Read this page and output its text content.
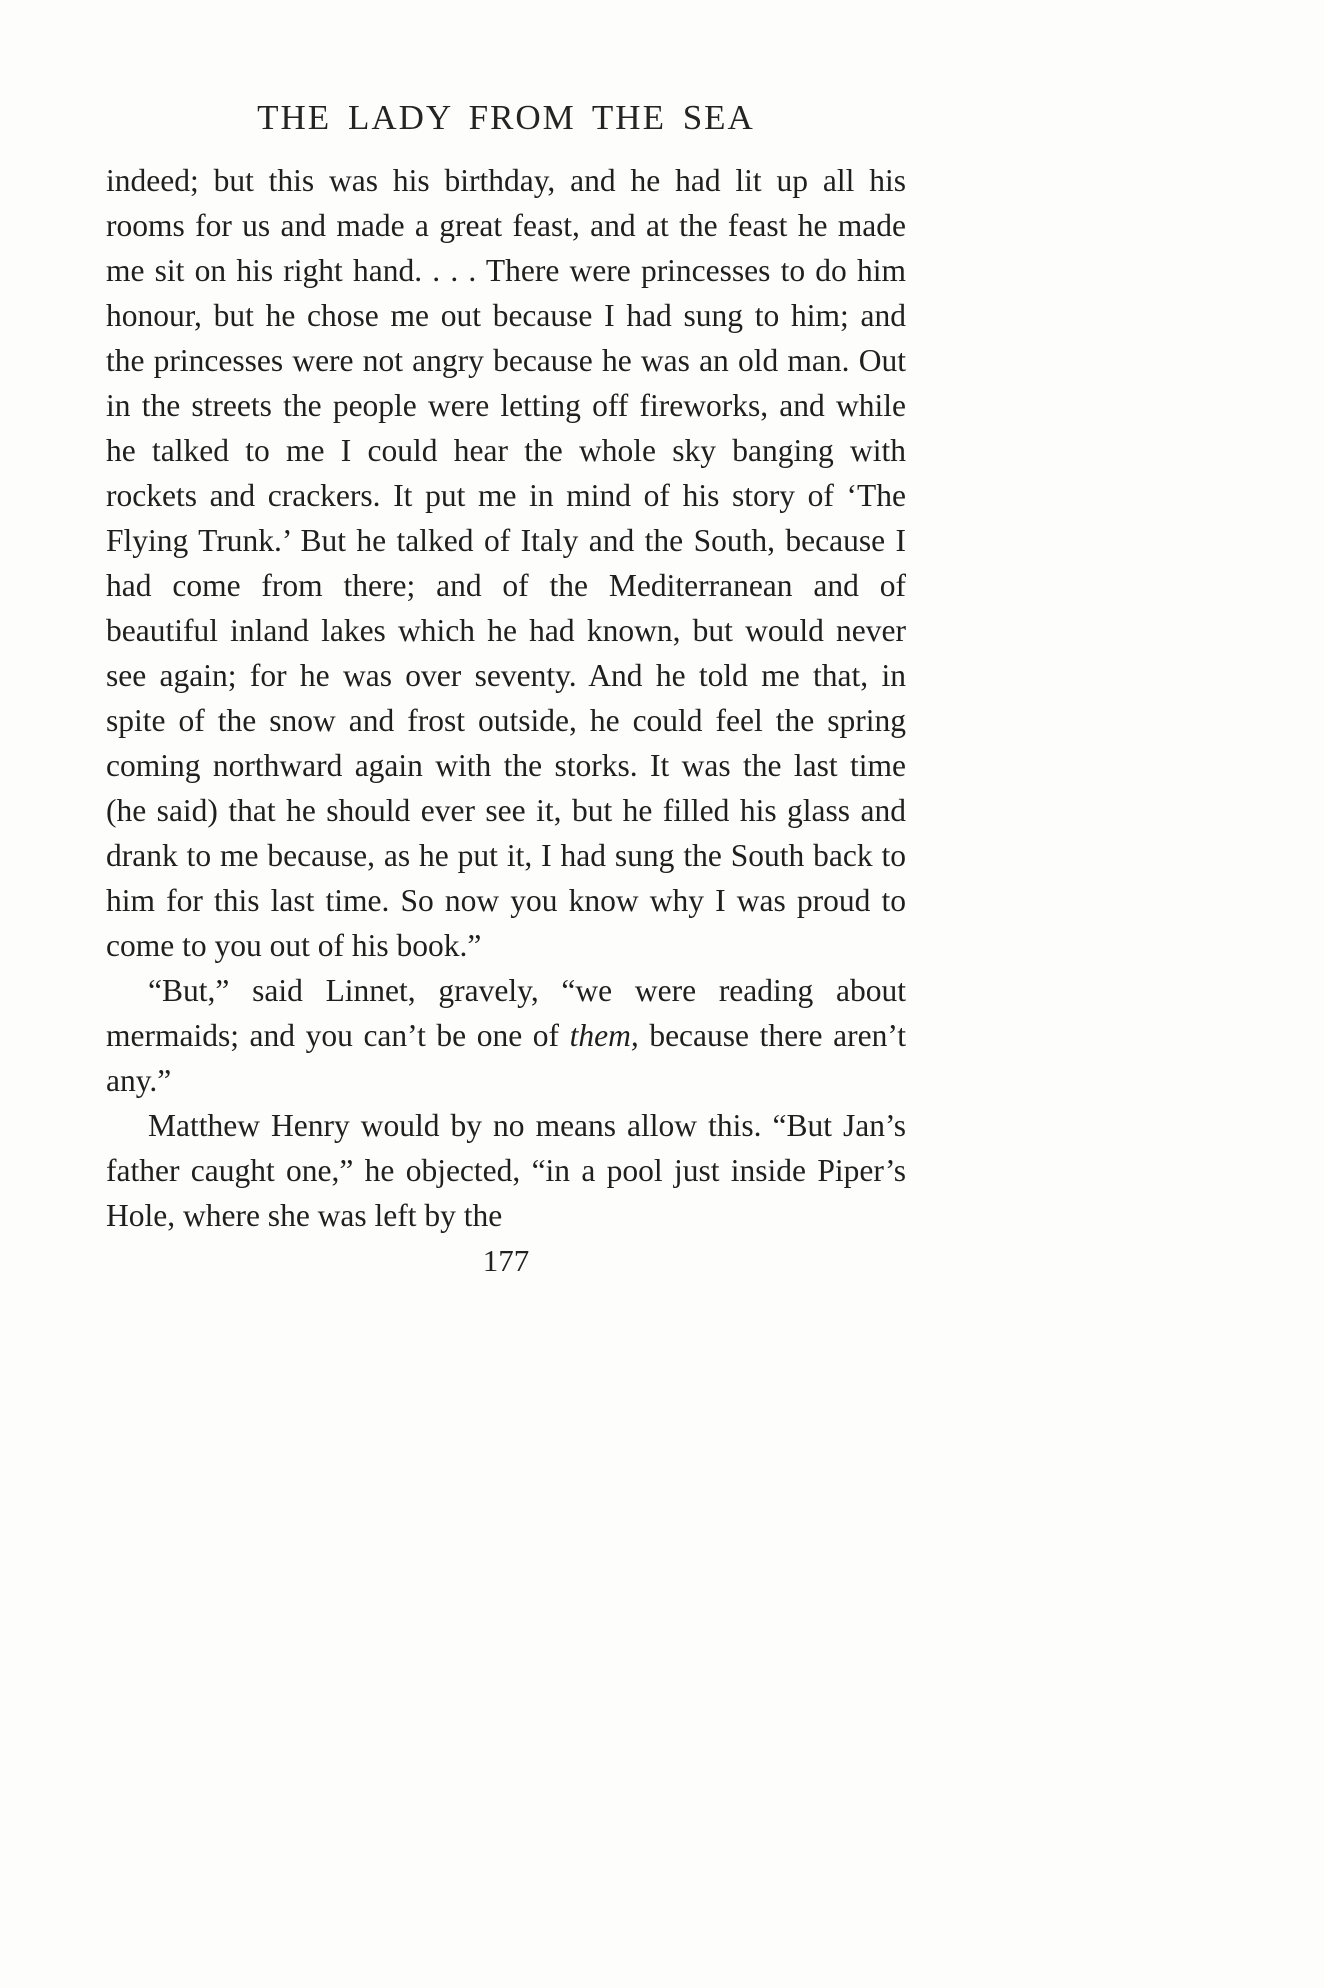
THE LADY FROM THE SEA

indeed; but this was his birthday, and he had lit up all his rooms for us and made a great feast, and at the feast he made me sit on his right hand. . . . There were princesses to do him honour, but he chose me out because I had sung to him; and the princesses were not angry because he was an old man. Out in the streets the people were letting off fireworks, and while he talked to me I could hear the whole sky banging with rockets and crackers. It put me in mind of his story of ‘The Flying Trunk.’ But he talked of Italy and the South, because I had come from there; and of the Mediterranean and of beautiful inland lakes which he had known, but would never see again; for he was over seventy. And he told me that, in spite of the snow and frost outside, he could feel the spring coming northward again with the storks. It was the last time (he said) that he should ever see it, but he filled his glass and drank to me because, as he put it, I had sung the South back to him for this last time. So now you know why I was proud to come to you out of his book.”

“But,” said Linnet, gravely, “we were reading about mermaids; and you can’t be one of them, because there aren’t any.”

Matthew Henry would by no means allow this. “But Jan’s father caught one,” he objected, “in a pool just inside Piper’s Hole, where she was left by the

177
